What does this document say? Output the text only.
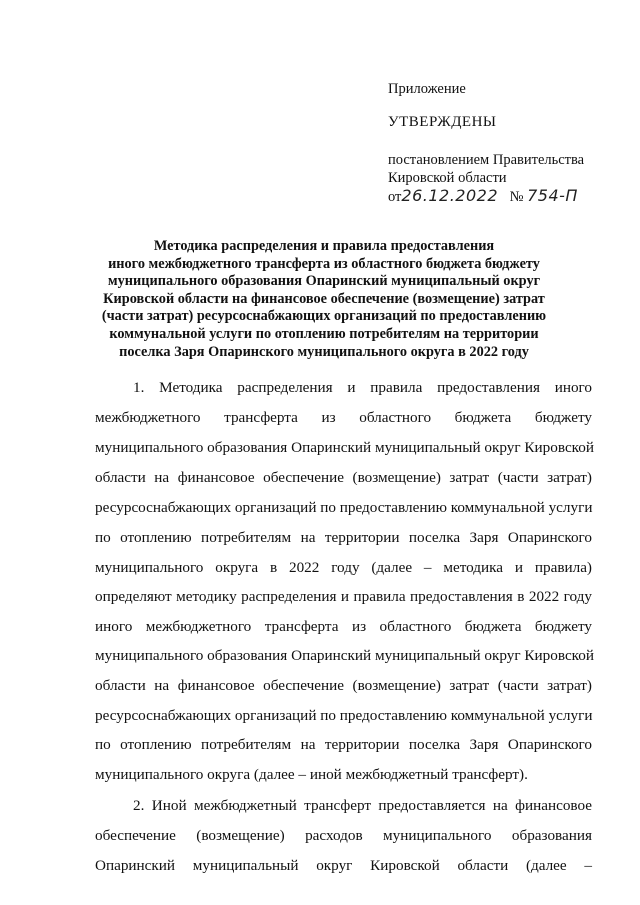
Приложение
УТВЕРЖДЕНЫ
постановлением Правительства
Кировской области
от26.12.2022 № 754-П
Методика распределения и правила предоставления
иного межбюджетного трансферта из областного бюджета бюджету
муниципального образования Опаринский муниципальный округ
Кировской области на финансовое обеспечение (возмещение) затрат
(части затрат) ресурсоснабжающих организаций по предоставлению
коммунальной услуги по отоплению потребителям на территории
поселка Заря Опаринского муниципального округа в 2022 году
1. Методика распределения и правила предоставления иного
межбюджетного трансферта из областного бюджета бюджету
муниципального образования Опаринский муниципальный округ Кировской
области на финансовое обеспечение (возмещение) затрат (части затрат)
ресурсоснабжающих организаций по предоставлению коммунальной услуги
по отоплению потребителям на территории поселка Заря Опаринского
муниципального округа в 2022 году (далее – методика и правила)
определяют методику распределения и правила предоставления в 2022 году
иного межбюджетного трансферта из областного бюджета бюджету
муниципального образования Опаринский муниципальный округ Кировской
области на финансовое обеспечение (возмещение) затрат (части затрат)
ресурсоснабжающих организаций по предоставлению коммунальной услуги
по отоплению потребителям на территории поселка Заря Опаринского
муниципального округа (далее – иной межбюджетный трансферт).
2. Иной межбюджетный трансферт предоставляется на финансовое
обеспечение (возмещение) расходов муниципального образования
Опаринский муниципальный округ Кировской области (далее –
